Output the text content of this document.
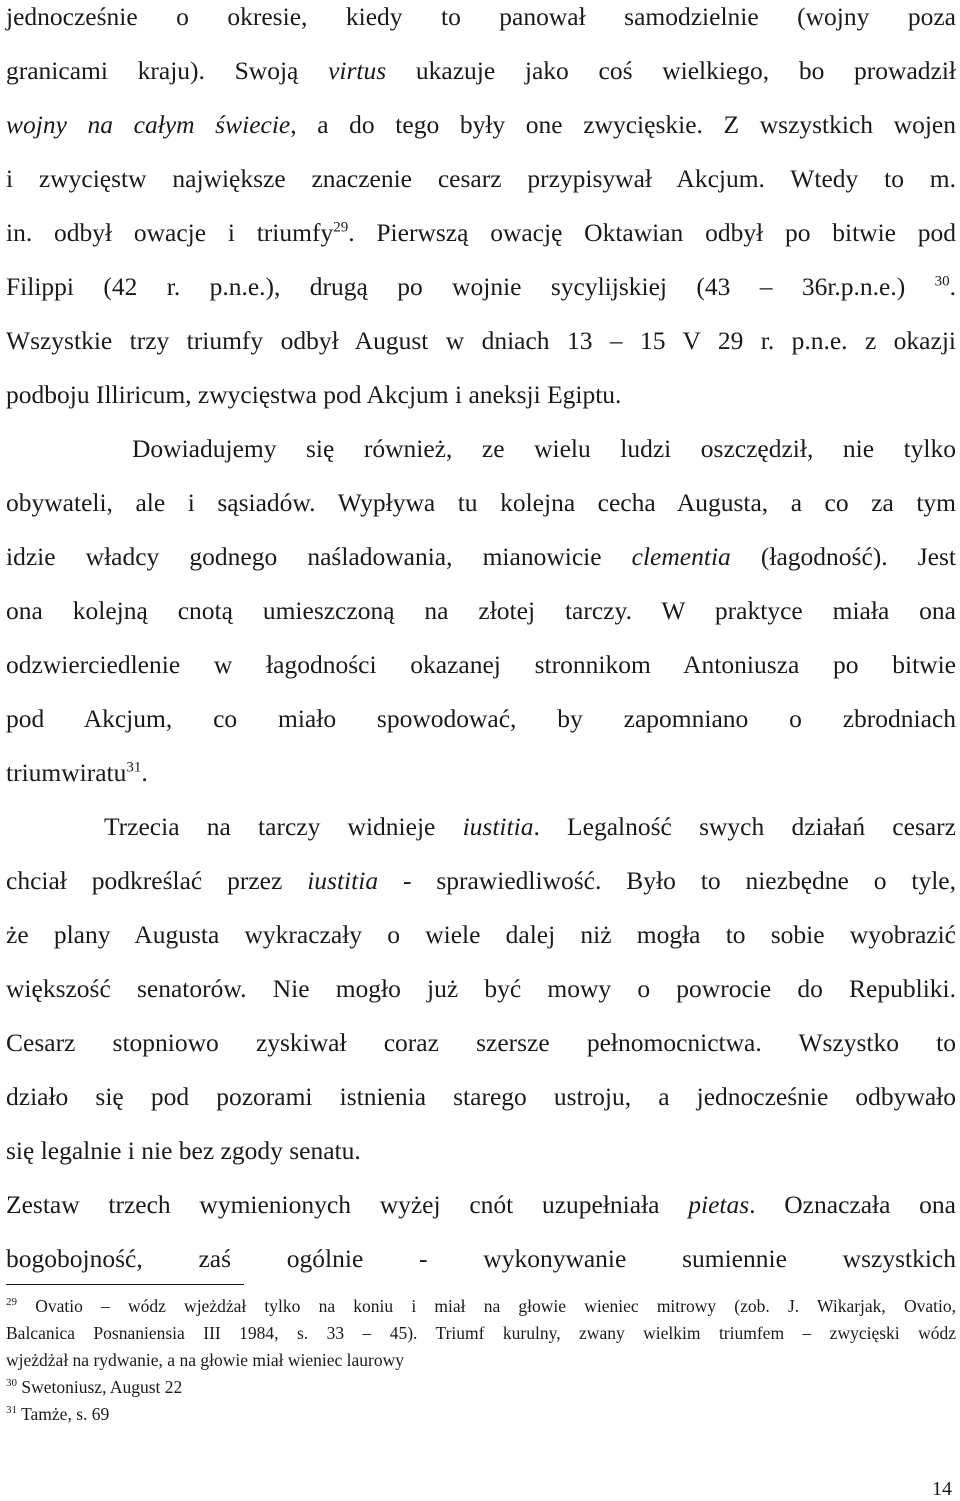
jednocześnie o okresie, kiedy to panował samodzielnie (wojny poza
granicami kraju). Swoją virtus ukazuje jako coś wielkiego, bo prowadził
wojny na całym świecie, a do tego były one zwycięskie. Z wszystkich wojen
i zwycięstw największe znaczenie cesarz przypisywał Akcjum. Wtedy to m.
in. odbył owacje i triumfy$^{29}$. Pierwszą owację Oktawian odbył po bitwie pod
Filippi (42 r. p.n.e.), drugą po wojnie sycylijskiej (43 – 36r.p.n.e.) $^{30}$.
Wszystkie trzy triumfy odbył August w dniach 13 – 15 V 29 r. p.n.e. z okazji
podboju Illiricum, zwycięstwa pod Akcjum i aneksji Egiptu.
Dowiadujemy się również, ze wielu ludzi oszczędził, nie tylko
obywateli, ale i sąsiadów. Wypływa tu kolejna cecha Augusta, a co za tym
idzie władcy godnego naśladowania, mianowicie clementia (łagodność). Jest
ona kolejną cnotą umieszczoną na złotej tarczy. W praktyce miała ona
odzwierciedlenie w łagodności okazanej stronnikom Antoniusza po bitwie
pod Akcjum, co miało spowodować, by zapomniano o zbrodniach
triumwiratu$^{31}$.
Trzecia na tarczy widnieje iustitia. Legalność swych działań cesarz
chciał podkreślać przez iustitia - sprawiedliwość. Było to niezbędne o tyle,
że plany Augusta wykraczały o wiele dalej niż mogła to sobie wyobrazić
większość senatorów. Nie mogło już być mowy o powrocie do Republiki.
Cesarz stopniowo zyskiwał coraz szersze pełnomocnictwa. Wszystko to
działo się pod pozorami istnienia starego ustroju, a jednocześnie odbywało
się legalnie i nie bez zgody senatu.
Zestaw trzech wymienionych wyżej cnót uzupełniała pietas. Oznaczała ona
bogobojność, zaś ogólnie - wykonywanie sumiennie wszystkich
$^{29}$ Ovatio – wódz wjeżdżał tylko na koniu i miał na głowie wieniec mitrowy (zob. J. Wikarjak, Ovatio,
Balcanica Posnaniensia III 1984, s. 33 – 45). Triumf kurulny, zwany wielkim triumfem – zwycięski wódz
wjeżdżał na rydwanie, a na głowie miał wieniec laurowy
$^{30}$ Swetoniusz, August 22
$^{31}$ Tamże, s. 69
14
